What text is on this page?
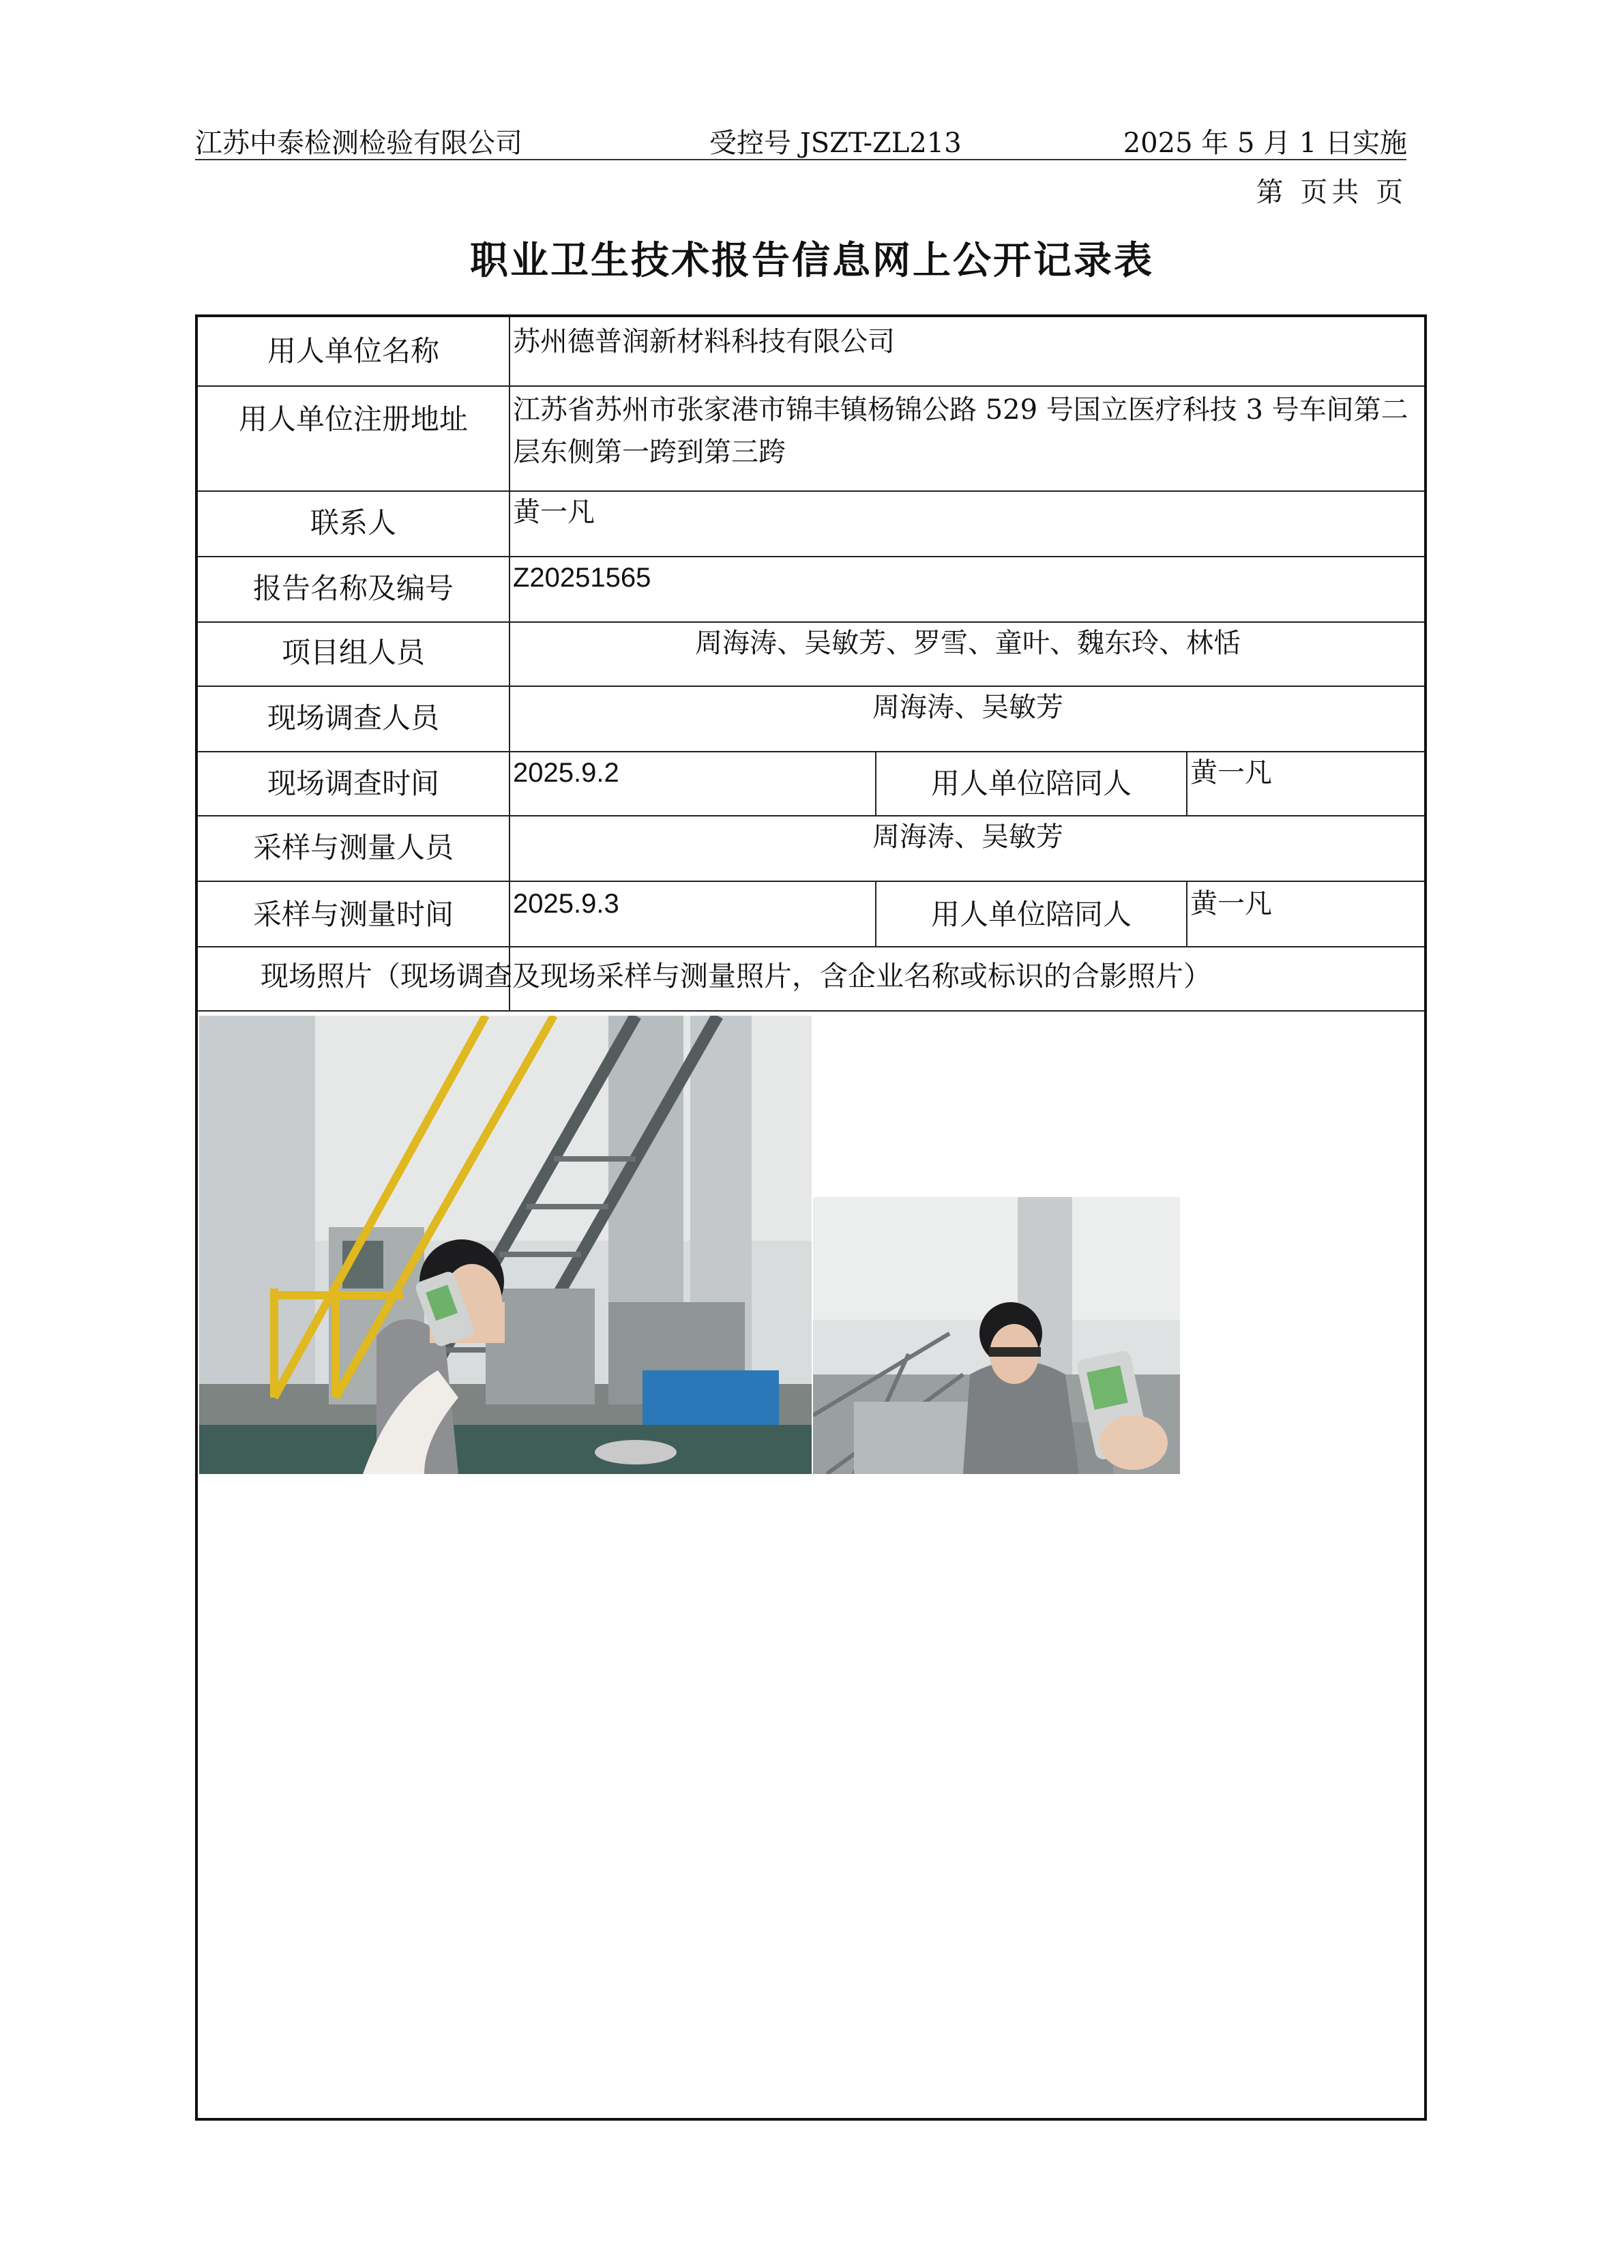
江苏中泰检测检验有限公司	受控号 JSZT-ZL213	2025 年 5 月 1 日实施
第 页共 页
职业卫生技术报告信息网上公开记录表
用人单位名称	苏州德普润新材料科技有限公司
用人单位注册地址	江苏省苏州市张家港市锦丰镇杨锦公路 529 号国立医疗科技 3 号车间第二
层东侧第一跨到第三跨
联系人	黄一凡
报告名称及编号	Z20251565
项目组人员	周海涛、吴敏芳、罗雪、童叶、魏东玲、林恬
现场调查人员	周海涛、吴敏芳
现场调查时间	2025.9.2	用人单位陪同人	黄一凡
采样与测量人员	周海涛、吴敏芳
采样与测量时间	2025.9.3	用人单位陪同人	黄一凡
现场照片（现场调查及现场采样与测量照片，含企业名称或标识的合影照片）
